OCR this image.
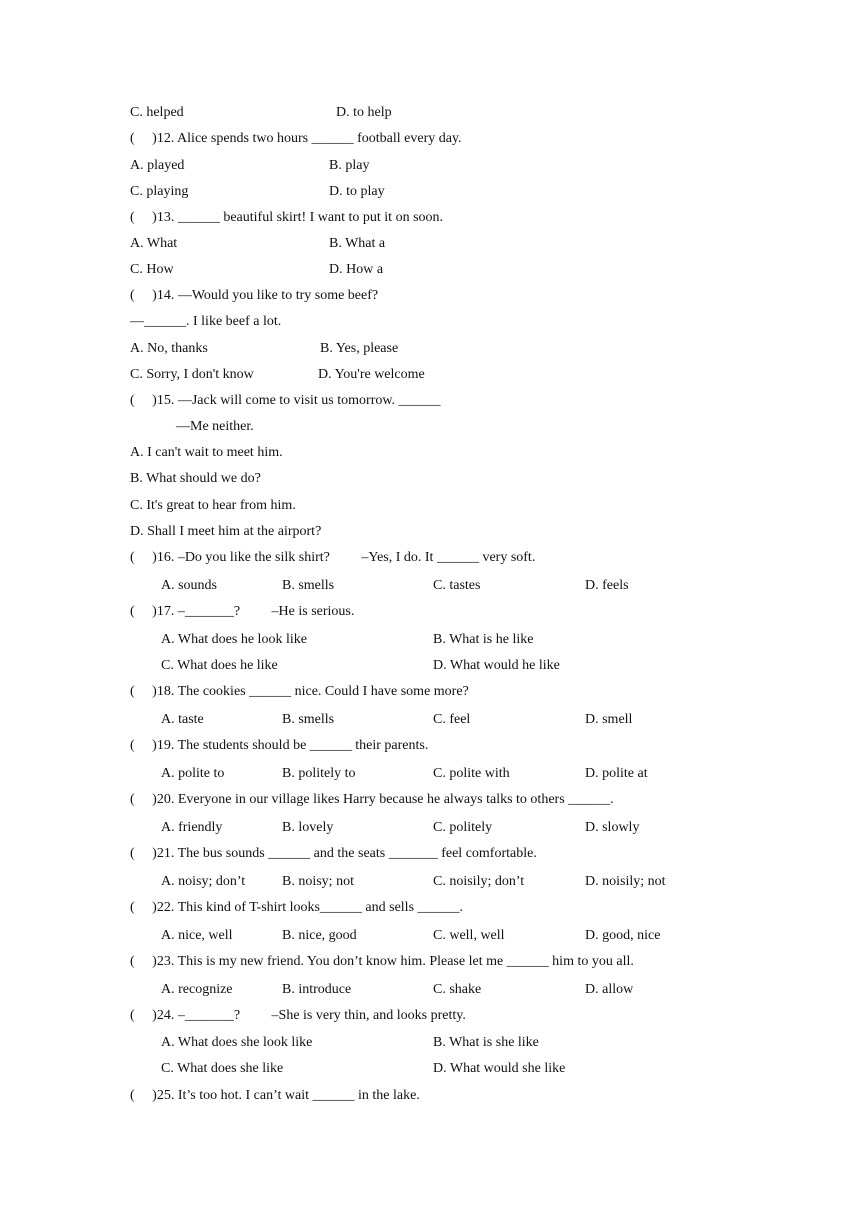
C. helped	D. to help
(     )12. Alice spends two hours ______ football every day.
A. played	B. play
C. playing	D. to play
(     )13. ______ beautiful skirt! I want to put it on soon.
A. What	B. What a
C. How	D. How a
(     )14. —Would you like to try some beef?
—______. I like beef a lot.
A. No, thanks	B. Yes, please
C. Sorry, I don't know	D. You're welcome
(     )15. —Jack will come to visit us tomorrow. ______
—Me neither.
A. I can't wait to meet him.
B. What should we do?
C. It's great to hear from him.
D. Shall I meet him at the airport?
(     )16. –Do you like the silk shirt?         –Yes, I do. It ______ very soft.
A. sounds	B. smells	C. tastes	D. feels
(     )17. –_______?         –He is serious.
A. What does he look like	B. What is he like
C. What does he like	D. What would he like
(     )18. The cookies ______ nice. Could I have some more?
A. taste	B. smells	C. feel	D. smell
(     )19. The students should be ______ their parents.
A. polite to	B. politely to	C. polite with	D. polite at
(     )20. Everyone in our village likes Harry because he always talks to others ______.
A. friendly	B. lovely	C. politely	D. slowly
(     )21. The bus sounds ______ and the seats _______ feel comfortable.
A. noisy; don’t	B. noisy; not	C. noisily; don’t	D. noisily; not
(     )22. This kind of T-shirt looks______ and sells ______.
A. nice, well	B. nice, good	C. well, well	D. good, nice
(     )23. This is my new friend. You don’t know him. Please let me ______ him to you all.
A. recognize	B. introduce	C. shake	D. allow
(     )24. –_______?         –She is very thin, and looks pretty.
A. What does she look like	B. What is she like
C. What does she like	D. What would she like
(     )25. It’s too hot. I can’t wait ______ in the lake.
